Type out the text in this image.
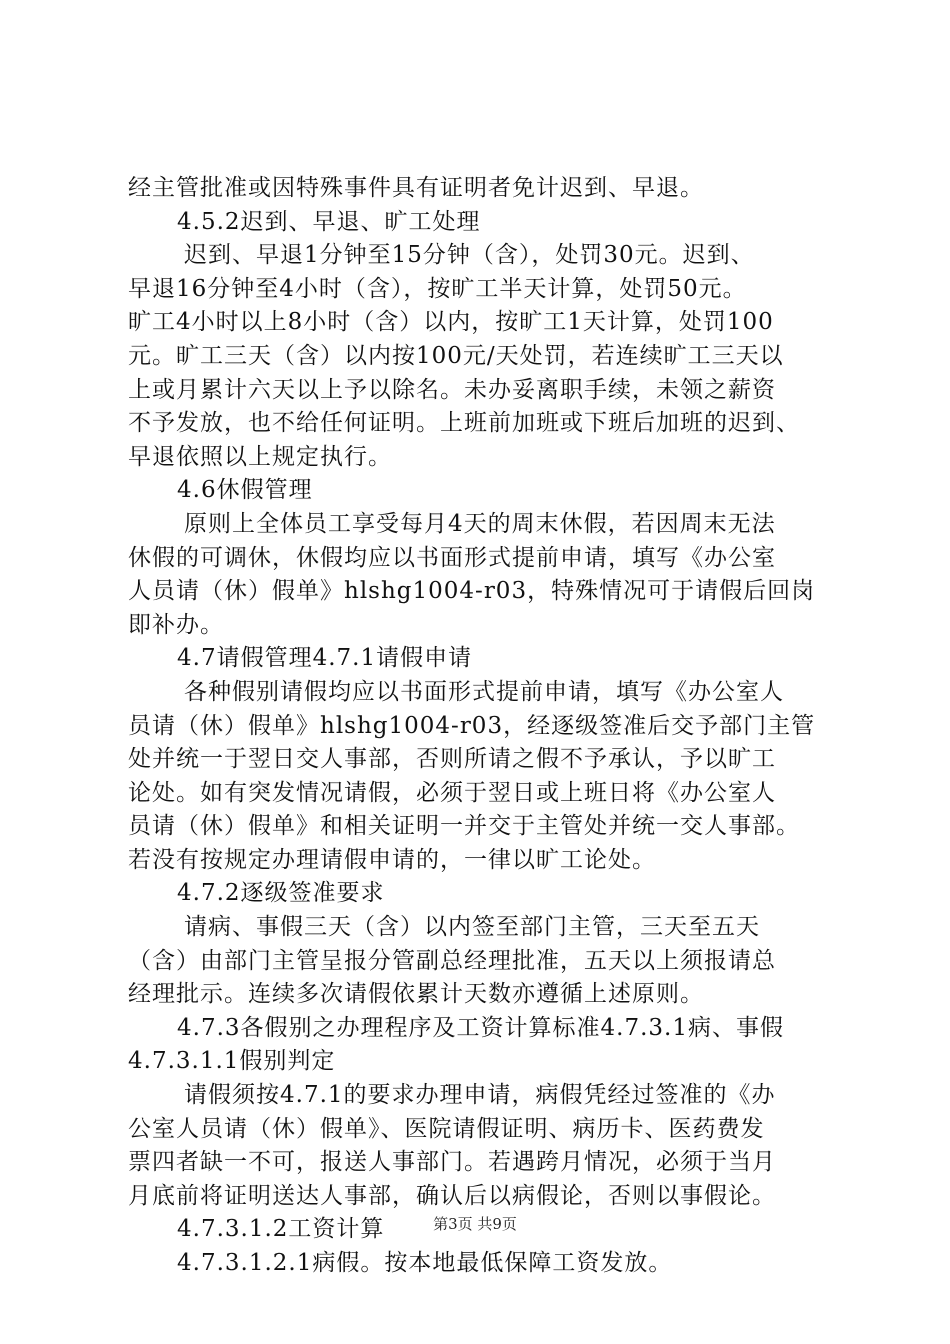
经主管批准或因特殊事件具有证明者免计迟到、早退。
4.5.2迟到、早退、旷工处理
迟到、早退1分钟至15分钟（含），处罚30元。迟到、
早退16分钟至4小时（含），按旷工半天计算，处罚50元。
旷工4小时以上8小时（含）以内，按旷工1天计算，处罚100
元。旷工三天（含）以内按100元/天处罚，若连续旷工三天以
上或月累计六天以上予以除名。未办妥离职手续，未领之薪资
不予发放，也不给任何证明。上班前加班或下班后加班的迟到、
早退依照以上规定执行。
4.6休假管理
原则上全体员工享受每月4天的周末休假，若因周末无法
休假的可调休，休假均应以书面形式提前申请，填写《办公室
人员请（休）假单》hlshg1004-r03，特殊情况可于请假后回岗
即补办。
4.7请假管理4.7.1请假申请
各种假别请假均应以书面形式提前申请，填写《办公室人
员请（休）假单》hlshg1004-r03，经逐级签准后交予部门主管
处并统一于翌日交人事部，否则所请之假不予承认，予以旷工
论处。如有突发情况请假，必须于翌日或上班日将《办公室人
员请（休）假单》和相关证明一并交于主管处并统一交人事部。
若没有按规定办理请假申请的，一律以旷工论处。
4.7.2逐级签准要求
请病、事假三天（含）以内签至部门主管，三天至五天
（含）由部门主管呈报分管副总经理批准，五天以上须报请总
经理批示。连续多次请假依累计天数亦遵循上述原则。
4.7.3各假别之办理程序及工资计算标准4.7.3.1病、事假
4.7.3.1.1假别判定
请假须按4.7.1的要求办理申请，病假凭经过签准的《办
公室人员请（休）假单》、医院请假证明、病历卡、医药费发
票四者缺一不可，报送人事部门。若遇跨月情况，必须于当月
月底前将证明送达人事部，确认后以病假论，否则以事假论。
4.7.3.1.2工资计算
4.7.3.1.2.1病假。按本地最低保障工资发放。
第3页 共9页
